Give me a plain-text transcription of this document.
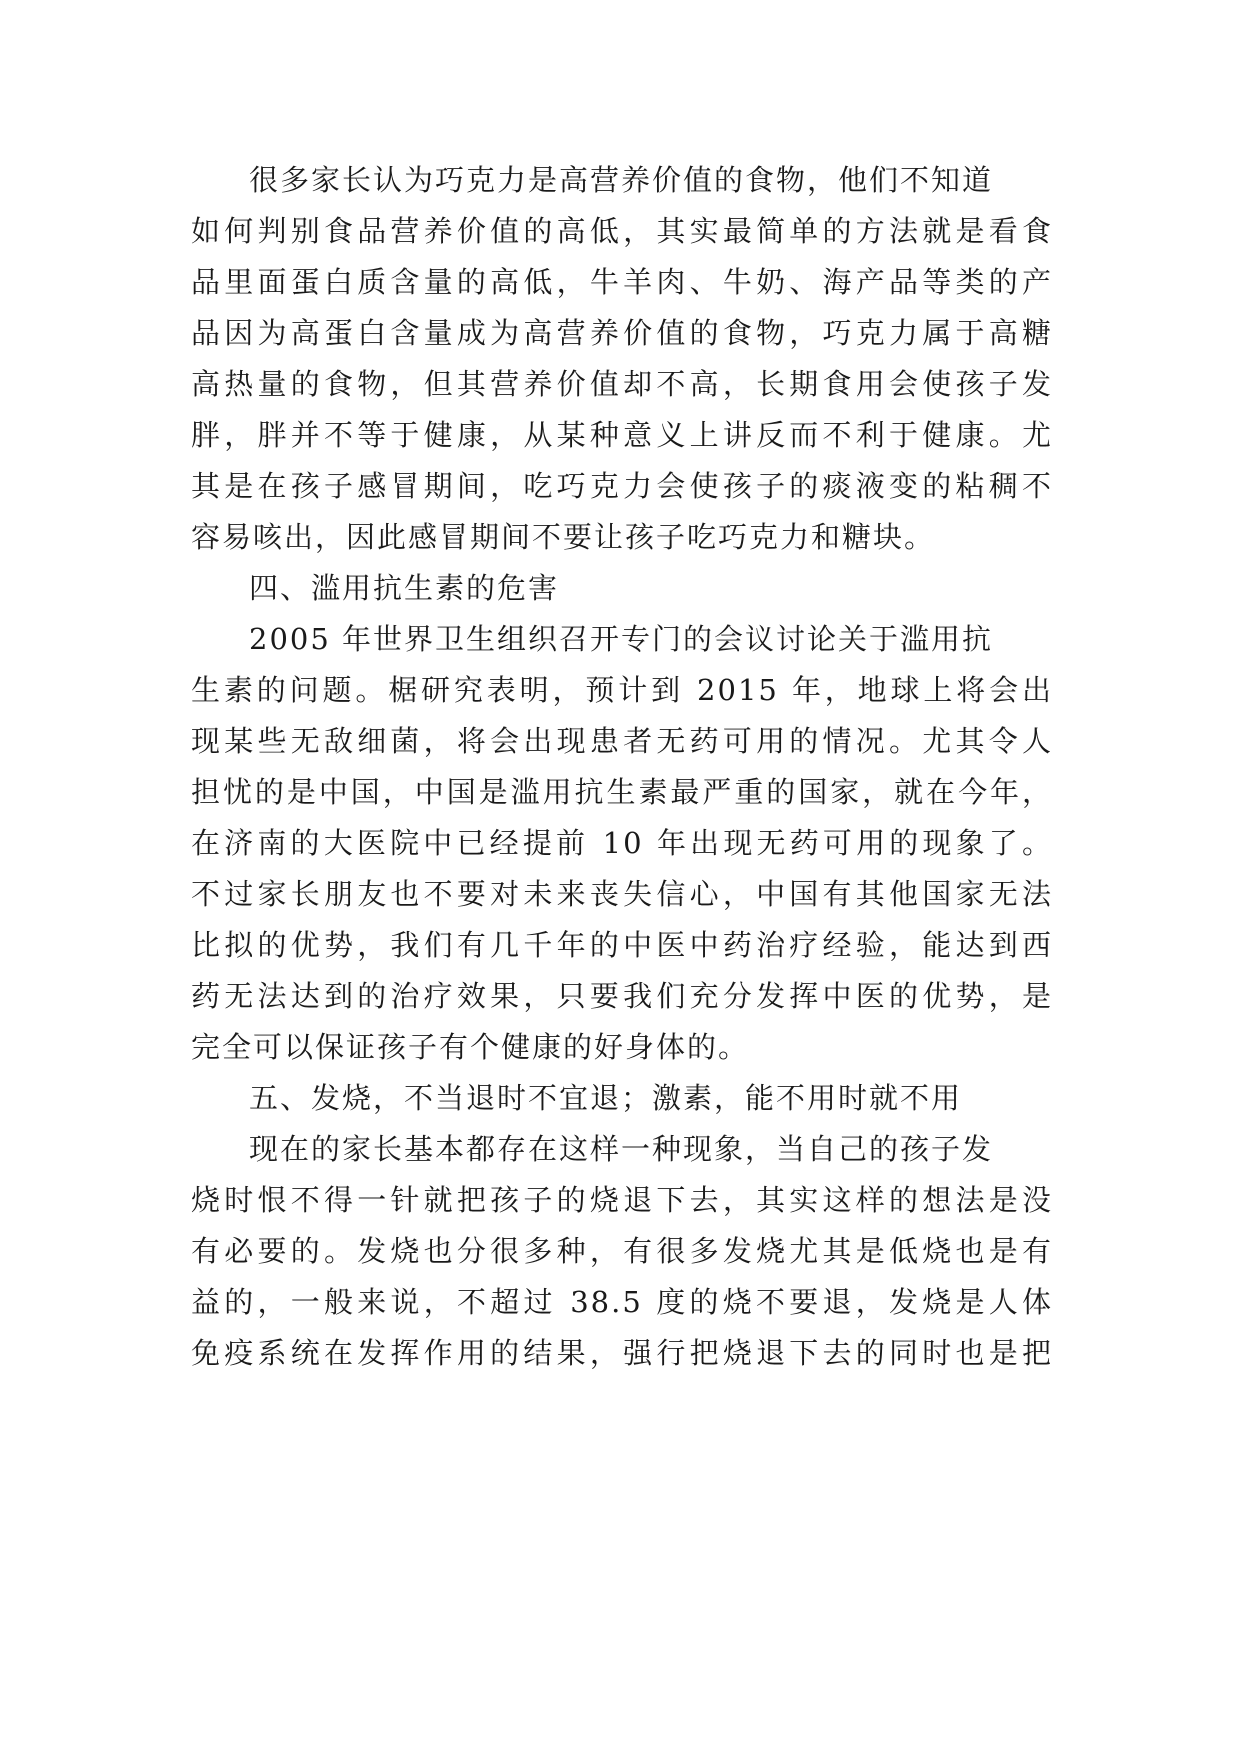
很多家长认为巧克力是高营养价值的食物，他们不知道
如何判别食品营养价值的高低，其实最简单的方法就是看食
品里面蛋白质含量的高低，牛羊肉、牛奶、海产品等类的产
品因为高蛋白含量成为高营养价值的食物，巧克力属于高糖
高热量的食物，但其营养价值却不高，长期食用会使孩子发
胖，胖并不等于健康，从某种意义上讲反而不利于健康。尤
其是在孩子感冒期间，吃巧克力会使孩子的痰液变的粘稠不
容易咳出，因此感冒期间不要让孩子吃巧克力和糖块。
四、滥用抗生素的危害
2005 年世界卫生组织召开专门的会议讨论关于滥用抗
生素的问题。椐研究表明，预计到 2015 年，地球上将会出
现某些无敌细菌，将会出现患者无药可用的情况。尤其令人
担忧的是中国，中国是滥用抗生素最严重的国家，就在今年，
在济南的大医院中已经提前 10 年出现无药可用的现象了。
不过家长朋友也不要对未来丧失信心，中国有其他国家无法
比拟的优势，我们有几千年的中医中药治疗经验，能达到西
药无法达到的治疗效果，只要我们充分发挥中医的优势，是
完全可以保证孩子有个健康的好身体的。
五、发烧，不当退时不宜退；激素，能不用时就不用
现在的家长基本都存在这样一种现象，当自己的孩子发
烧时恨不得一针就把孩子的烧退下去，其实这样的想法是没
有必要的。发烧也分很多种，有很多发烧尤其是低烧也是有
益的，一般来说，不超过 38.5 度的烧不要退，发烧是人体
免疫系统在发挥作用的结果，强行把烧退下去的同时也是把
